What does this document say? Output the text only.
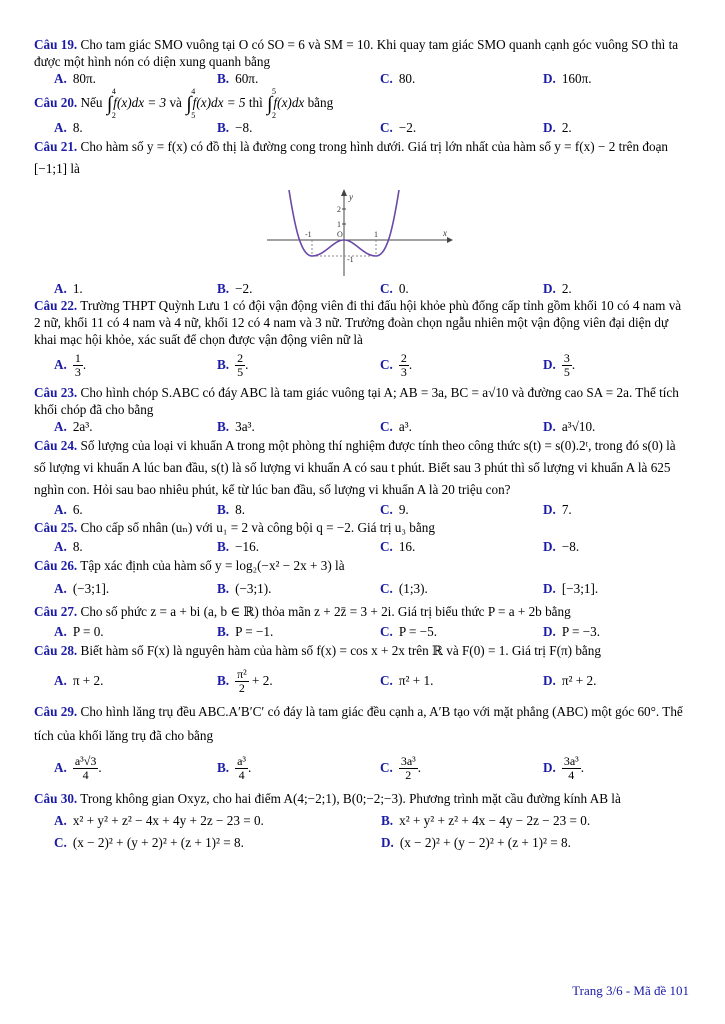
Câu 19. Cho tam giác SMO vuông tại O có SO = 6 và SM = 10. Khi quay tam giác SMO quanh cạnh góc vuông SO thì ta được một hình nón có diện xung quanh bằng

A. 80π.	B. 60π.	C. 80.	D. 160π.

Câu 20. Nếu ∫
4
2
f(x)dx = 3 và ∫
4
5
f(x)dx = 5 thì ∫
5
2
f(x)dx bằng

A. 8.	B. −8.	C. −2.	D. 2.

Câu 21. Cho hàm số y = f(x) có đồ thị là đường cong trong hình dưới. Giá trị lớn nhất của hàm số y = f(x) − 2 trên đoạn [−1;1] là

y
x
2
1
-1	O	1
-1
A. 1.	B. −2.	C. 0.	D. 2.

Câu 22. Trường THPT Quỳnh Lưu 1 có đội vận động viên đi thi đấu hội khỏe phù đổng cấp tỉnh gồm khối 10 có 4 nam và 2 nữ, khối 11 có 4 nam và 4 nữ, khối 12 có 4 nam và 3 nữ. Trưởng đoàn chọn ngẫu nhiên một vận động viên đại diện dự khai mạc hội khỏe, xác suất để chọn được vận động viên nữ là

A. $\frac{1}{3}$ .	B. $\frac{2}{5}$ .	C. $\frac{2}{3}$ .	D. $\frac{3}{5}$ .

Câu 23. Cho hình chóp S.ABC có đáy ABC là tam giác vuông tại A; AB = 3a, BC = a√10 và đường cao SA = 2a. Thể tích khối chóp đã cho bằng

A. 2a³.	B. 3a³.	C. a³.	D. a³√10.

Câu 24. Số lượng của loại vi khuẩn A trong một phòng thí nghiệm được tính theo công thức s(t) = s(0).2ᵗ, trong đó s(0) là số lượng vi khuẩn A lúc ban đầu, s(t) là số lượng vi khuẩn A có sau t phút. Biết sau 3 phút thì số lượng vi khuẩn A là 625 nghìn con. Hỏi sau bao nhiêu phút, kể từ lúc ban đầu, số lượng vi khuẩn A là 20 triệu con?

A. 6.	B. 8.	C. 9.	D. 7.

Câu 25. Cho cấp số nhân (uₙ) với u₁ = 2 và công bội q = −2. Giá trị u₃ bằng

A. 8.	B. −16.	C. 16.	D. −8.

Câu 26. Tập xác định của hàm số y = log₂(−x² − 2x + 3) là

A. (−3;1].	B. (−3;1).	C. (1;3).	D. [−3;1].

Câu 27. Cho số phức z = a + bi (a, b ∈ ℝ) thỏa mãn z + 2z̄ = 3 + 2i. Giá trị biểu thức P = a + 2b bằng

A. P = 0.	B. P = −1.	C. P = −5.	D. P = −3.

Câu 28. Biết hàm số F(x) là nguyên hàm của hàm số f(x) = cos x + 2x trên ℝ và F(0) = 1. Giá trị F(π) bằng

A. π + 2.	B. $\frac{\text{π²}}{2} + 2$.	C. π² + 1.	D. π² + 2.

Câu 29. Cho hình lăng trụ đều ABC.A′B′C′ có đáy là tam giác đều cạnh a, A′B tạo với mặt phẳng (ABC) một góc 60°. Thể tích của khối lăng trụ đã cho bằng

A. $\frac{\text{a³√3}}{4}$ .	B. $\frac{\text{a³}}{4}$ .	C. $\frac{\text{3a³}}{2}$ .	D. $\frac{\text{3a³}}{4}$ .

Câu 30. Trong không gian Oxyz, cho hai điểm A(4;−2;1), B(0;−2;−3). Phương trình mặt cầu đường kính AB là

A. x² + y² + z² − 4x + 4y + 2z − 23 = 0.	B. x² + y² + z² + 4x − 4y − 2z − 23 = 0.
C. (x − 2)² + (y + 2)² + (z + 1)² = 8.	D. (x − 2)² + (y − 2)² + (z + 1)² = 8.
Trang 3/6 - Mã đề 101
